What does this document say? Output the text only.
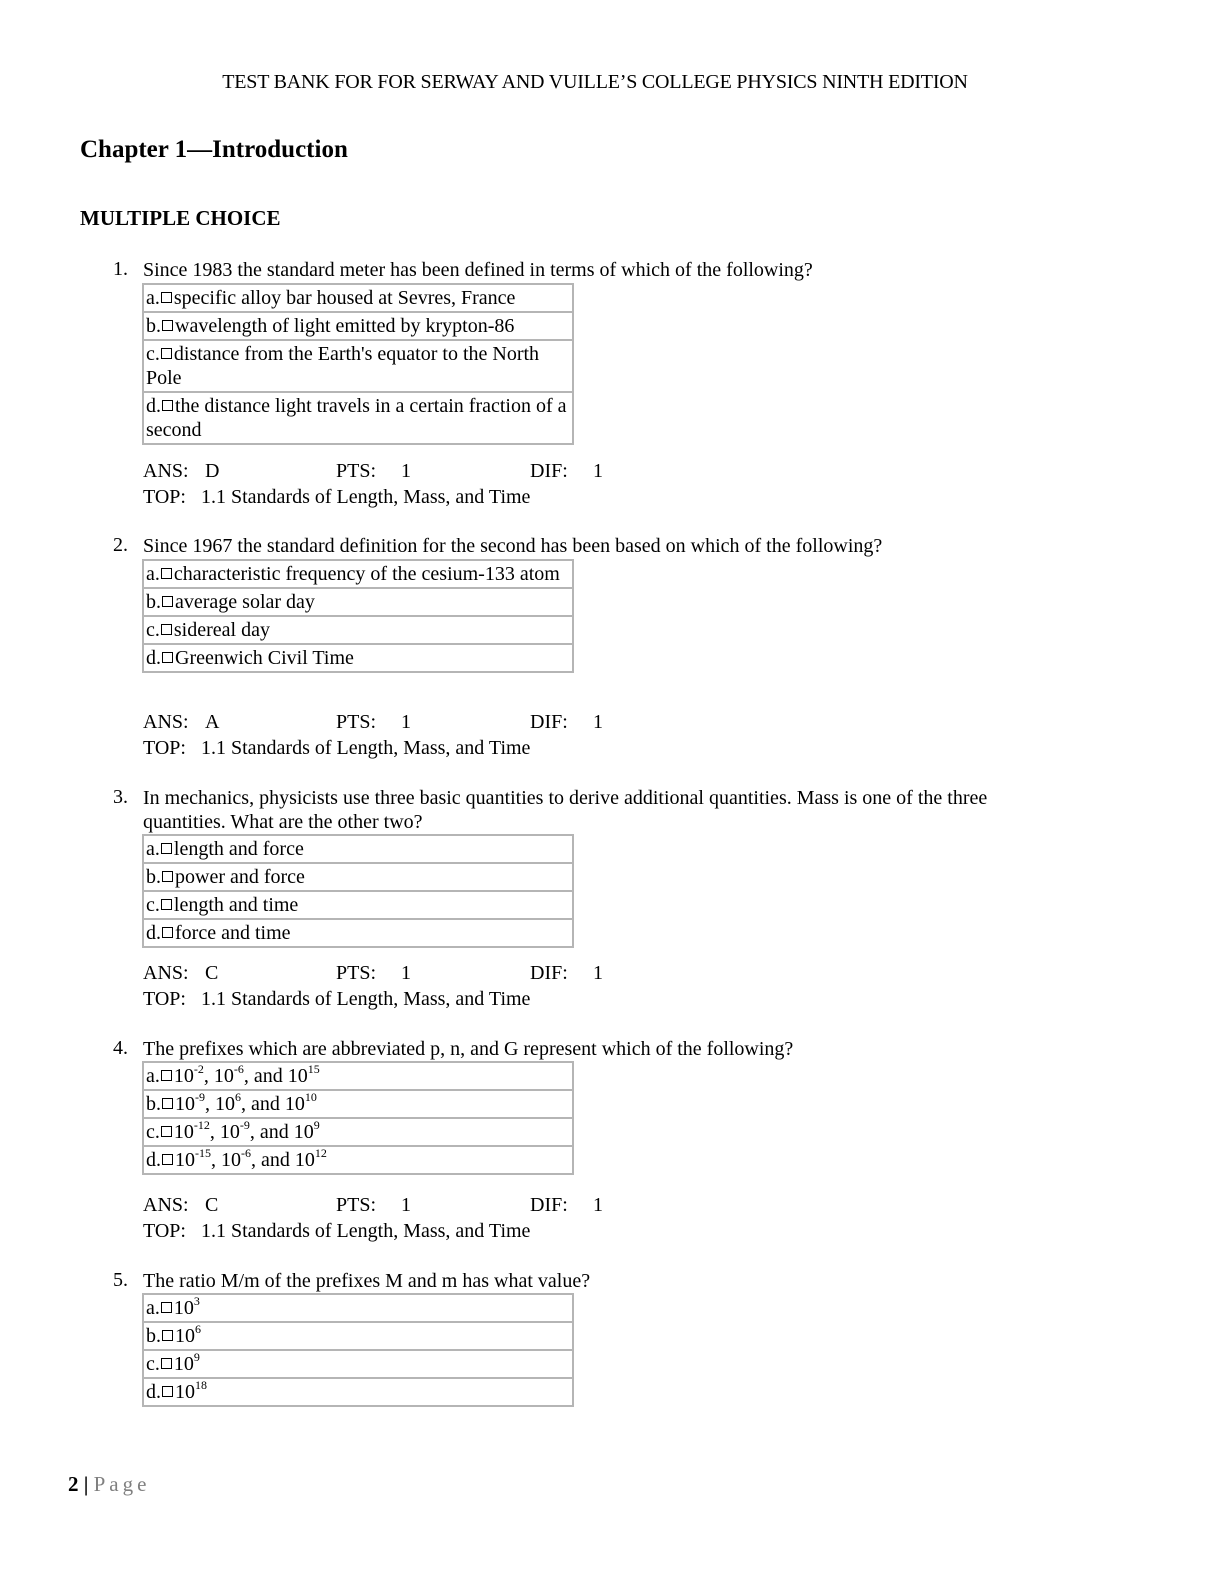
TEST BANK FOR FOR SERWAY AND VUILLE’S COLLEGE PHYSICS NINTH EDITION
Chapter 1—Introduction
MULTIPLE CHOICE
1. Since 1983 the standard meter has been defined in terms of which of the following?
a. specific alloy bar housed at Sevres, France
b. wavelength of light emitted by krypton-86
c. distance from the Earth's equator to the North Pole
d. the distance light travels in a certain fraction of a second
ANS: D	PTS: 1	DIF: 1
TOP: 1.1 Standards of Length, Mass, and Time
2. Since 1967 the standard definition for the second has been based on which of the following?
a. characteristic frequency of the cesium-133 atom
b. average solar day
c. sidereal day
d. Greenwich Civil Time
ANS: A	PTS: 1	DIF: 1
TOP: 1.1 Standards of Length, Mass, and Time
3. In mechanics, physicists use three basic quantities to derive additional quantities. Mass is one of the three quantities. What are the other two?
a. length and force
b. power and force
c. length and time
d. force and time
ANS: C	PTS: 1	DIF: 1
TOP: 1.1 Standards of Length, Mass, and Time
4. The prefixes which are abbreviated p, n, and G represent which of the following?
a. $10^{-2}$, $10^{-6}$, and $10^{15}$
b. $10^{-9}$, $10^6$, and $10^{10}$
c. $10^{-12}$, $10^{-9}$, and $10^9$
d. $10^{-15}$, $10^{-6}$, and $10^{12}$
ANS: C	PTS: 1	DIF: 1
TOP: 1.1 Standards of Length, Mass, and Time
5. The ratio M/m of the prefixes M and m has what value?
a. $10^3$
b. $10^6$
c. $10^9$
d. $10^{18}$
2 | Page
